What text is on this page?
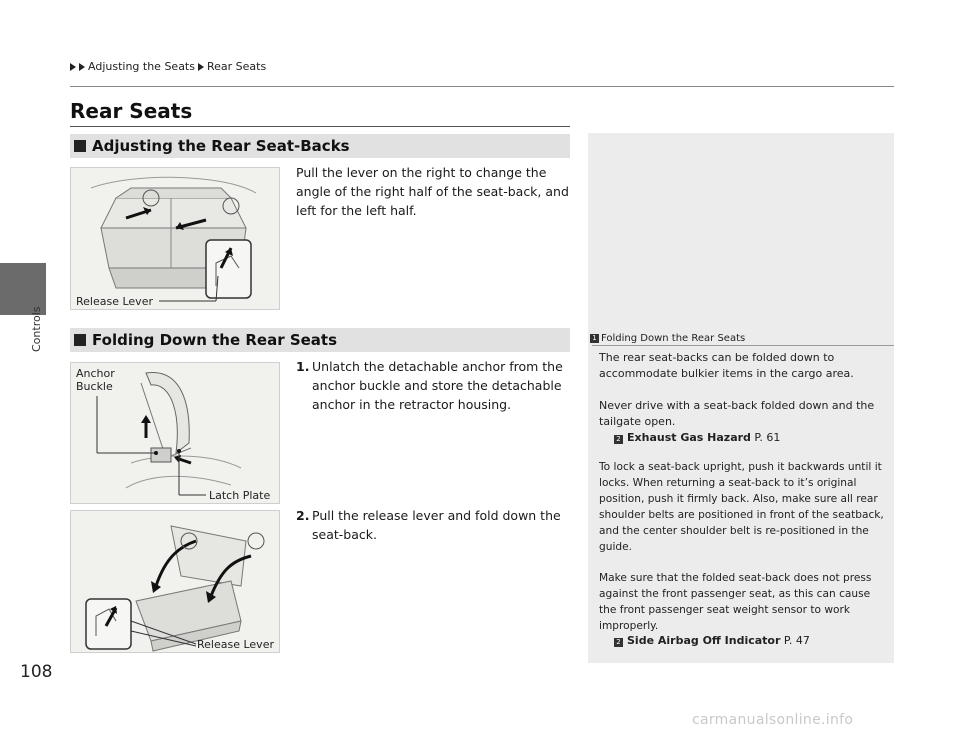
Controls
108
Adjusting the Seats Rear Seats
Rear Seats
Adjusting the Rear Seat-Backs
Release Lever
Pull the lever on the right to change the angle of the right half of the seat-back, and left for the left half.
Folding Down the Rear Seats
Anchor
Buckle
Latch Plate
Release Lever
1. Unlatch the detachable anchor from the anchor buckle and store the detachable anchor in the retractor housing.
2. Pull the release lever and fold down the seat-back.
1 Folding Down the Rear Seats
The rear seat-backs can be folded down to accommodate bulkier items in the cargo area.
Never drive with a seat-back folded down and the tailgate open.
2 Exhaust Gas Hazard P. 61
To lock a seat-back upright, push it backwards until it locks. When returning a seat-back to it’s original position, push it firmly back. Also, make sure all rear shoulder belts are positioned in front of the seatback, and the center shoulder belt is re-positioned in the guide.
Make sure that the folded seat-back does not press against the front passenger seat, as this can cause the front passenger seat weight sensor to work improperly.
2 Side Airbag Off Indicator P. 47
carmanualsonline.info
